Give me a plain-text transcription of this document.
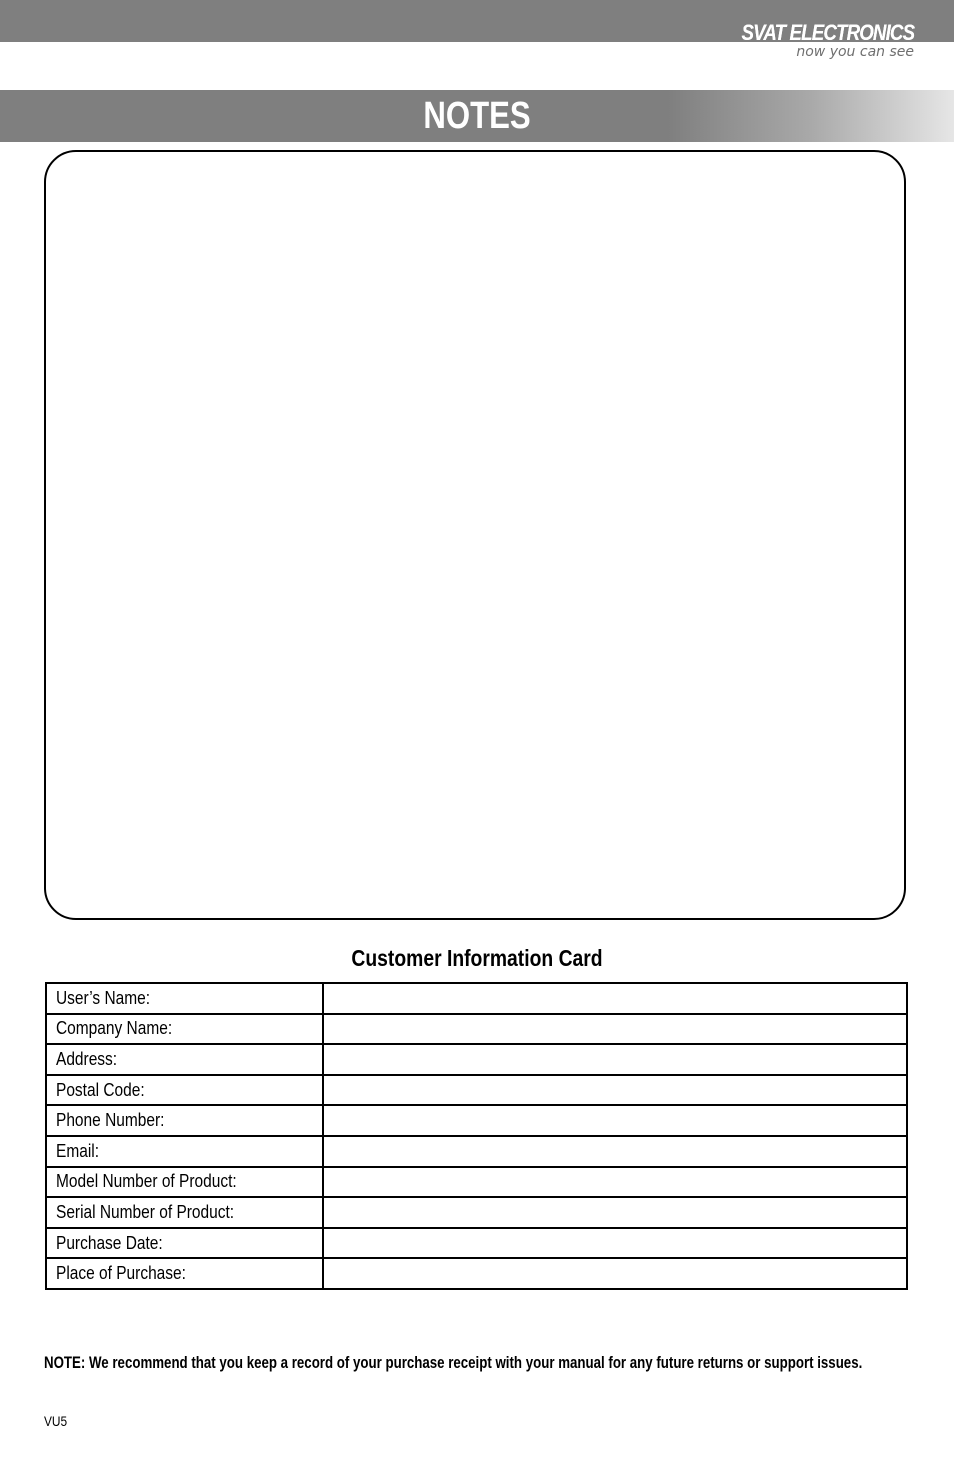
SVAT ELECTRONICS
now you can see
NOTES
Customer Information Card
User’s Name:	
Company Name:	
Address:	
Postal Code:	
Phone Number:	
Email:	
Model Number of Product:	
Serial Number of Product:	
Purchase Date:	
Place of Purchase:	
NOTE: We recommend that you keep a record of your purchase receipt with your manual for any future returns or support issues.
VU5
